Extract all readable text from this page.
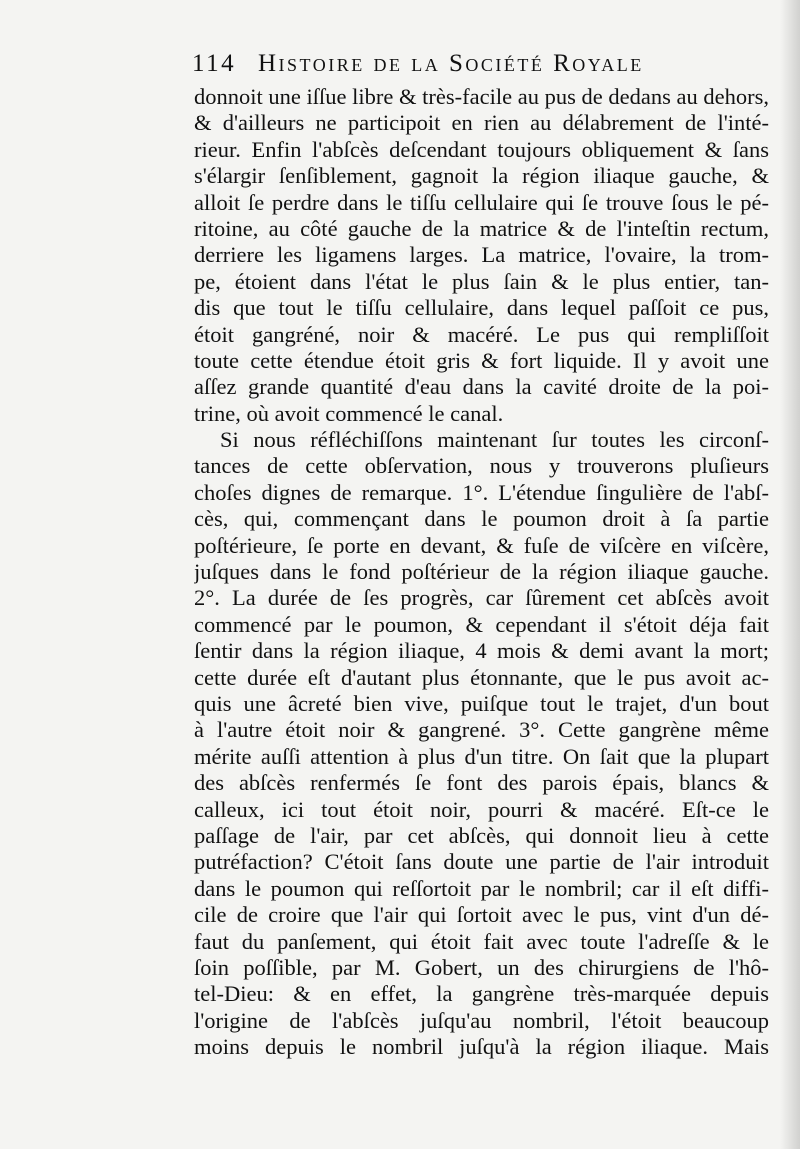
114 Histoire de la Société Royale
donnoit une iſſue libre & très-facile au pus de dedans au dehors,
& d'ailleurs ne participoit en rien au délabrement de l'inté-
rieur. Enfin l'abſcès deſcendant toujours obliquement & ſans
s'élargir ſenſiblement, gagnoit la région iliaque gauche, &
alloit ſe perdre dans le tiſſu cellulaire qui ſe trouve ſous le pé-
ritoine, au côté gauche de la matrice & de l'inteſtin rectum,
derriere les ligamens larges. La matrice, l'ovaire, la trom-
pe, étoient dans l'état le plus ſain & le plus entier, tan-
dis que tout le tiſſu cellulaire, dans lequel paſſoit ce pus,
étoit gangréné, noir & macéré. Le pus qui rempliſſoit
toute cette étendue étoit gris & fort liquide. Il y avoit une
aſſez grande quantité d'eau dans la cavité droite de la poi-
trine, où avoit commencé le canal.
Si nous réfléchiſſons maintenant ſur toutes les circonſ-
tances de cette obſervation, nous y trouverons pluſieurs
choſes dignes de remarque. 1°. L'étendue ſingulière de l'abſ-
cès, qui, commençant dans le poumon droit à ſa partie
poſtérieure, ſe porte en devant, & fuſe de viſcère en viſcère,
juſques dans le fond poſtérieur de la région iliaque gauche.
2°. La durée de ſes progrès, car ſûrement cet abſcès avoit
commencé par le poumon, & cependant il s'étoit déja fait
ſentir dans la région iliaque, 4 mois & demi avant la mort;
cette durée eſt d'autant plus étonnante, que le pus avoit ac-
quis une âcreté bien vive, puiſque tout le trajet, d'un bout
à l'autre étoit noir & gangrené. 3°. Cette gangrène même
mérite auſſi attention à plus d'un titre. On ſait que la plupart
des abſcès renfermés ſe font des parois épais, blancs &
calleux, ici tout étoit noir, pourri & macéré. Eſt-ce le
paſſage de l'air, par cet abſcès, qui donnoit lieu à cette
putréfaction? C'étoit ſans doute une partie de l'air introduit
dans le poumon qui reſſortoit par le nombril; car il eſt diffi-
cile de croire que l'air qui ſortoit avec le pus, vint d'un dé-
faut du panſement, qui étoit fait avec toute l'adreſſe & le
ſoin poſſible, par M. Gobert, un des chirurgiens de l'hô-
tel-Dieu: & en effet, la gangrène très-marquée depuis
l'origine de l'abſcès juſqu'au nombril, l'étoit beaucoup
moins depuis le nombril juſqu'à la région iliaque. Mais
